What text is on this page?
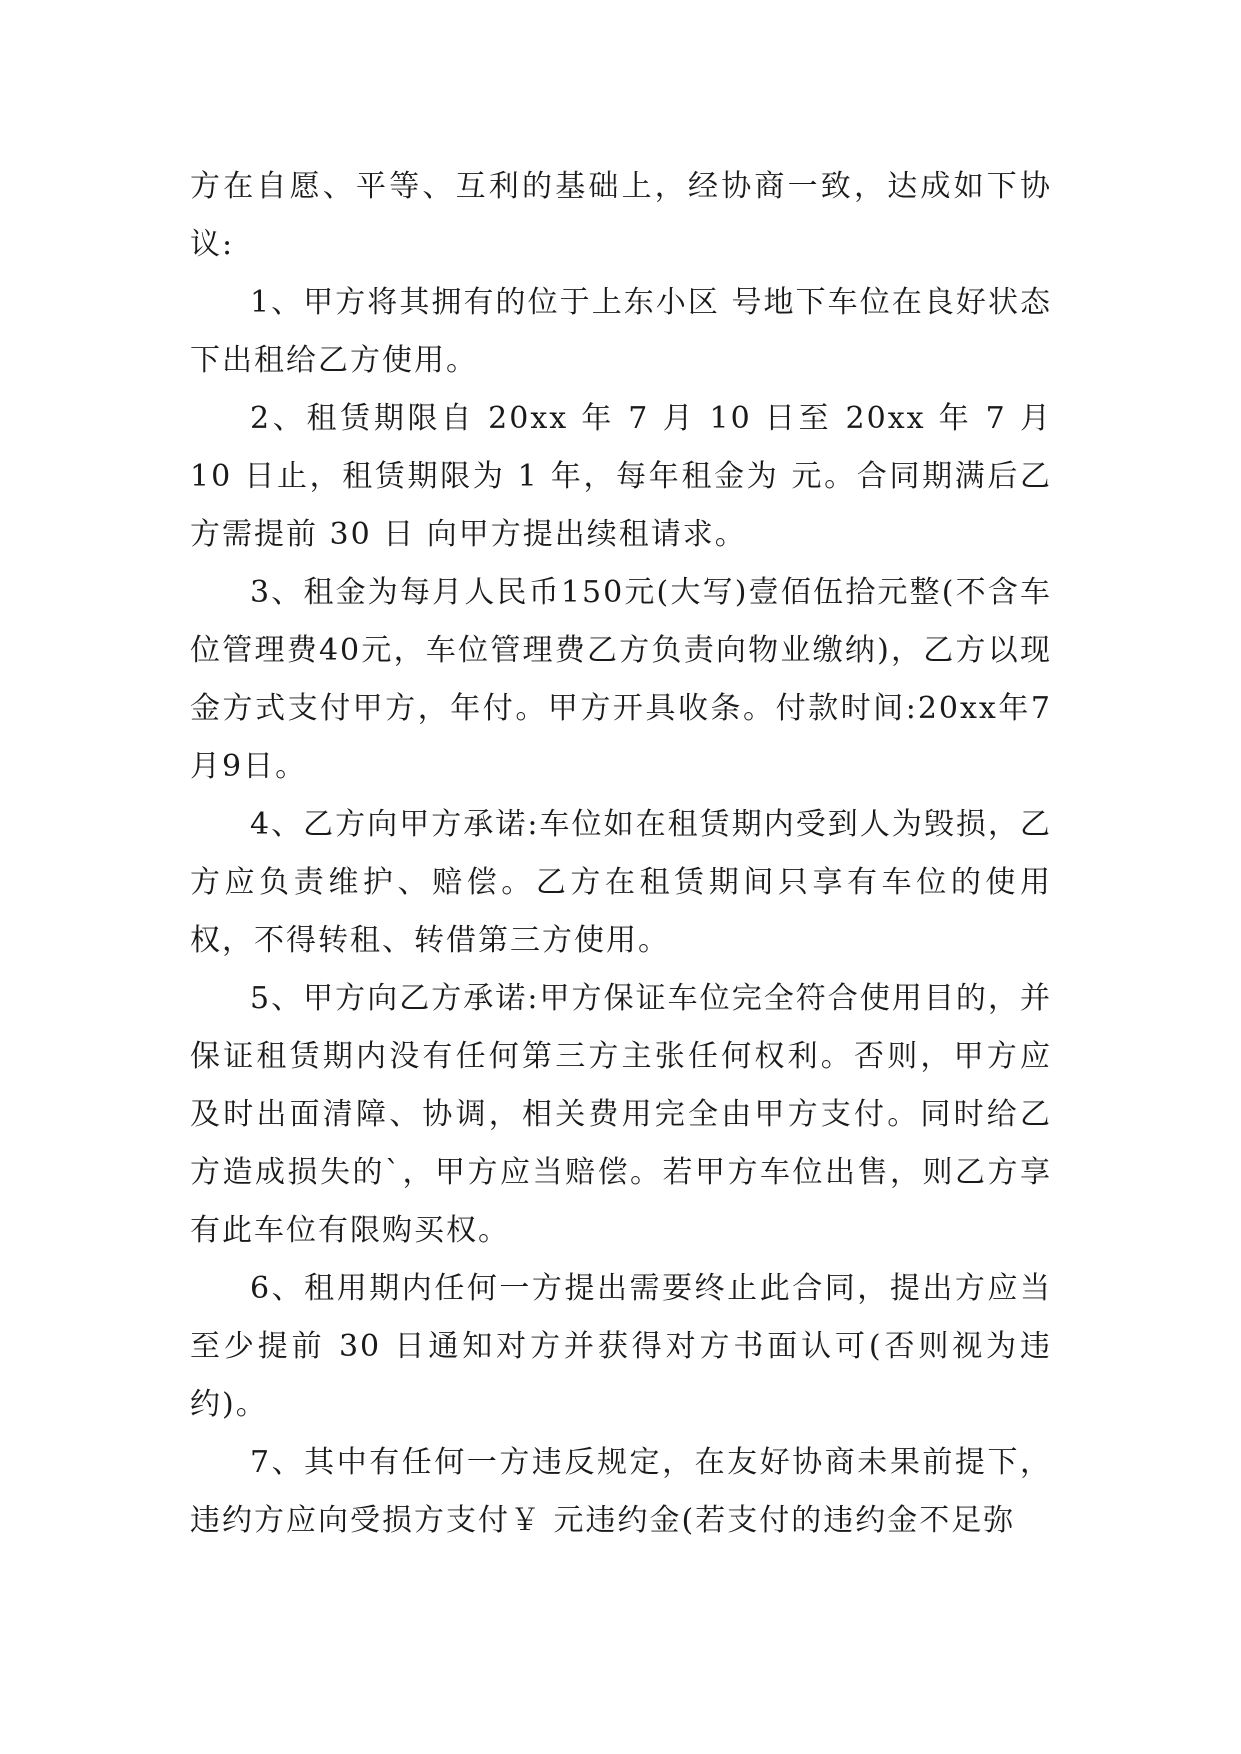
方在自愿、平等、互利的基础上，经协商一致，达成如下协议:

1、甲方将其拥有的位于上东小区 号地下车位在良好状态下出租给乙方使用。

2、租赁期限自 20xx 年 7 月 10 日至 20xx 年 7 月 10 日止，租赁期限为 1 年，每年租金为 元。合同期满后乙方需提前 30 日 向甲方提出续租请求。

3、租金为每月人民币150元(大写)壹佰伍拾元整(不含车位管理费40元，车位管理费乙方负责向物业缴纳)，乙方以现金方式支付甲方，年付。甲方开具收条。付款时间:20xx年7月9日。

4、乙方向甲方承诺:车位如在租赁期内受到人为毁损，乙方应负责维护、赔偿。乙方在租赁期间只享有车位的使用权，不得转租、转借第三方使用。

5、甲方向乙方承诺:甲方保证车位完全符合使用目的，并保证租赁期内没有任何第三方主张任何权利。否则，甲方应及时出面清障、协调，相关费用完全由甲方支付。同时给乙方造成损失的`，甲方应当赔偿。若甲方车位出售，则乙方享有此车位有限购买权。

6、租用期内任何一方提出需要终止此合同，提出方应当至少提前 30 日通知对方并获得对方书面认可(否则视为违约)。

7、其中有任何一方违反规定，在友好协商未果前提下，违约方应向受损方支付￥ 元违约金(若支付的违约金不足弥
